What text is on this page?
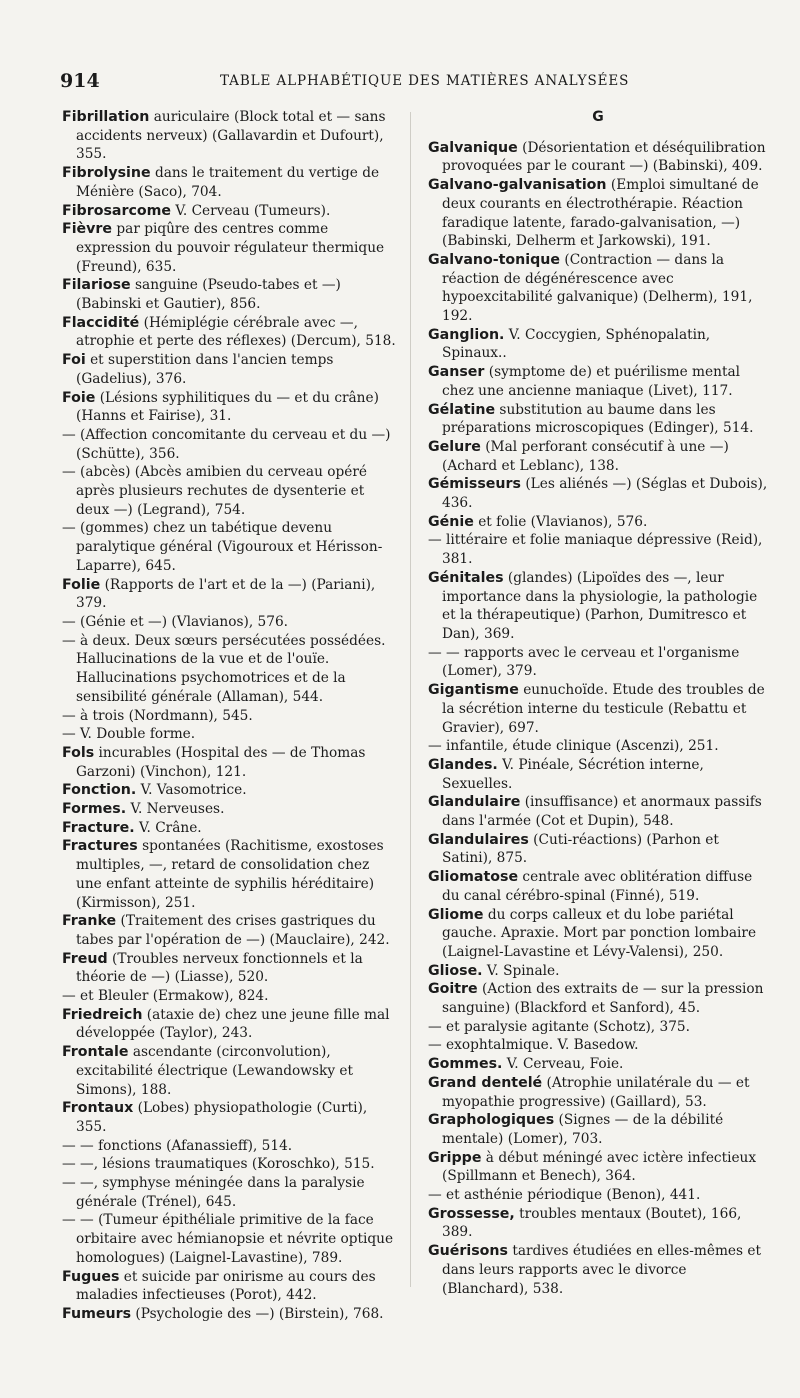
914	TABLE ALPHABÉTIQUE DES MATIÈRES ANALYSÉES
Fibrillation auriculaire (Block total et — sans accidents nerveux) (Gallavardin et Dufourt), 355.
Fibrolysine dans le traitement du vertige de Ménière (Saco), 704.
Fibrosarcome V. Cerveau (Tumeurs).
Fièvre par piqûre des centres comme expression du pouvoir régulateur thermique (Freund), 635.
Filariose sanguine (Pseudo-tabes et —) (Babinski et Gautier), 856.
Flaccidité (Hémiplégie cérébrale avec —, atrophie et perte des réflexes) (Dercum), 518.
Foi et superstition dans l'ancien temps (Gadelius), 376.
Foie (Lésions syphilitiques du — et du crâne) (Hanns et Fairise), 31.
— (Affection concomitante du cerveau et du —) (Schütte), 356.
— (abcès) (Abcès amibien du cerveau opéré après plusieurs rechutes de dysenterie et deux —) (Legrand), 754.
— (gommes) chez un tabétique devenu paralytique général (Vigouroux et Hérisson-Laparre), 645.
Folie (Rapports de l'art et de la —) (Pariani), 379.
— (Génie et —) (Vlavianos), 576.
— à deux. Deux sœurs persécutées possédées. Hallucinations de la vue et de l'ouïe. Hallucinations psychomotrices et de la sensibilité générale (Allaman), 544.
— à trois (Nordmann), 545.
— V. Double forme.
Fols incurables (Hospital des — de Thomas Garzoni) (Vinchon), 121.
Fonction. V. Vasomotrice.
Formes. V. Nerveuses.
Fracture. V. Crâne.
Fractures spontanées (Rachitisme, exostoses multiples, —, retard de consolidation chez une enfant atteinte de syphilis héréditaire) (Kirmisson), 251.
Franke (Traitement des crises gastriques du tabes par l'opération de —) (Mauclaire), 242.
Freud (Troubles nerveux fonctionnels et la théorie de —) (Liasse), 520.
— et Bleuler (Ermakow), 824.
Friedreich (ataxie de) chez une jeune fille mal développée (Taylor), 243.
Frontale ascendante (circonvolution), excitabilité électrique (Lewandowsky et Simons), 188.
Frontaux (Lobes) physiopathologie (Curti), 355.
— — fonctions (Afanassieff), 514.
— —, lésions traumatiques (Koroschko), 515.
— —, symphyse méningée dans la paralysie générale (Trénel), 645.
— — (Tumeur épithéliale primitive de la face orbitaire avec hémianopsie et névrite optique homologues) (Laignel-Lavastine), 789.
Fugues et suicide par onirisme au cours des maladies infectieuses (Porot), 442.
Fumeurs (Psychologie des —) (Birstein), 768.
G
Galvanique (Désorientation et déséquilibration provoquées par le courant —) (Babinski), 409.
Galvano-galvanisation (Emploi simultané de deux courants en électrothérapie. Réaction faradique latente, farado-galvanisation, —) (Babinski, Delherm et Jarkowski), 191.
Galvano-tonique (Contraction — dans la réaction de dégénérescence avec hypoexcitabilité galvanique) (Delherm), 191, 192.
Ganglion. V. Coccygien, Sphénopalatin, Spinaux..
Ganser (symptome de) et puérilisme mental chez une ancienne maniaque (Livet), 117.
Gélatine substitution au baume dans les préparations microscopiques (Edinger), 514.
Gelure (Mal perforant consécutif à une —) (Achard et Leblanc), 138.
Gémisseurs (Les aliénés —) (Séglas et Dubois), 436.
Génie et folie (Vlavianos), 576.
— littéraire et folie maniaque dépressive (Reid), 381.
Génitales (glandes) (Lipoïdes des —, leur importance dans la physiologie, la pathologie et la thérapeutique) (Parhon, Dumitresco et Dan), 369.
— — rapports avec le cerveau et l'organisme (Lomer), 379.
Gigantisme eunuchoïde. Etude des troubles de la sécrétion interne du testicule (Rebattu et Gravier), 697.
— infantile, étude clinique (Ascenzi), 251.
Glandes. V. Pinéale, Sécrétion interne, Sexuelles.
Glandulaire (insuffisance) et anormaux passifs dans l'armée (Cot et Dupin), 548.
Glandulaires (Cuti-réactions) (Parhon et Satini), 875.
Gliomatose centrale avec oblitération diffuse du canal cérébro-spinal (Finné), 519.
Gliome du corps calleux et du lobe pariétal gauche. Apraxie. Mort par ponction lombaire (Laignel-Lavastine et Lévy-Valensi), 250.
Gliose. V. Spinale.
Goitre (Action des extraits de — sur la pression sanguine) (Blackford et Sanford), 45.
— et paralysie agitante (Schotz), 375.
— exophtalmique. V. Basedow.
Gommes. V. Cerveau, Foie.
Grand dentelé (Atrophie unilatérale du — et myopathie progressive) (Gaillard), 53.
Graphologiques (Signes — de la débilité mentale) (Lomer), 703.
Grippe à début méningé avec ictère infectieux (Spillmann et Benech), 364.
— et asthénie périodique (Benon), 441.
Grossesse, troubles mentaux (Boutet), 166, 389.
Guérisons tardives étudiées en elles-mêmes et dans leurs rapports avec le divorce (Blanchard), 538.
